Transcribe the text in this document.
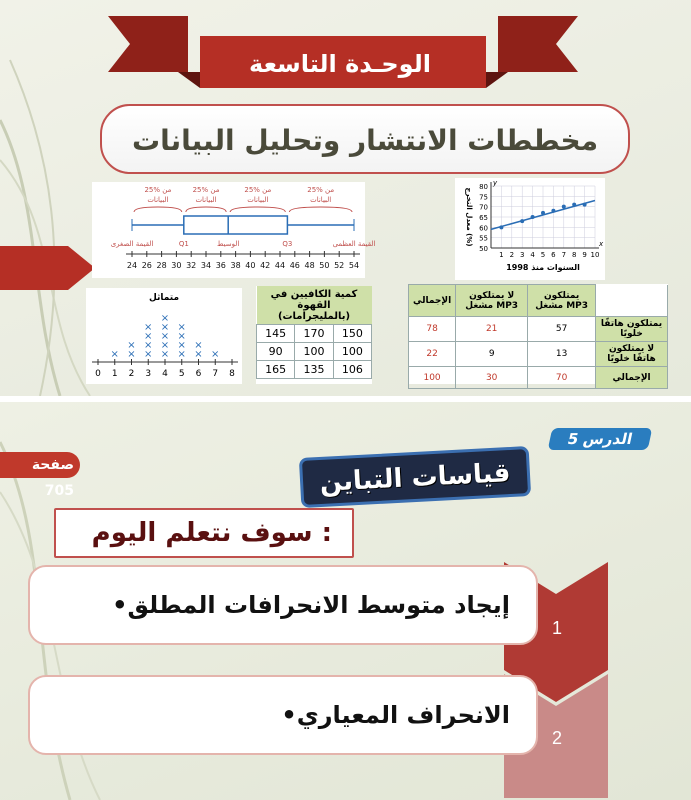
الوحـدة التاسعة
مخططات الانتشار وتحليل البيانات
24 26 28 30 32 34 36 38 40 42 44 46 48 50 52 54
25% من
البيانات
25% من
البيانات
25% من
البيانات
25% من
البيانات
القيمة الصغرى	Q1	الوسيط	Q3	القيمة العظمى
80
75
70
65
60
55
50
1 2 3 4 5 6 7 8 9 10
x
y
السنوات منذ 1998
معدل التخرج (%)
متماثل
0 1 2 3 4 5 6 7 8
× ×
×
×
×
×
×
×
×
×
×
×
×
×
×
×
×
×
×
كمية الكافيين في القهوة (بالمليجرامات)		
145	170	150
90	100	100
165	135	106
الإجمالي	لا يمتلكون مشغل MP3	يمتلكون مشغل MP3	
78	21	57	يمتلكون هاتفًا خلويًا
22	9	13	لا يمتلكون هاتفًا خلويًا
100	30	70	الإجمالي
الدرس 5
صفحة 705	قياسات التباين
سوف نتعلم اليوم :
1
2
•إيجاد متوسط الانحرافات المطلق
•الانحراف المعياري
